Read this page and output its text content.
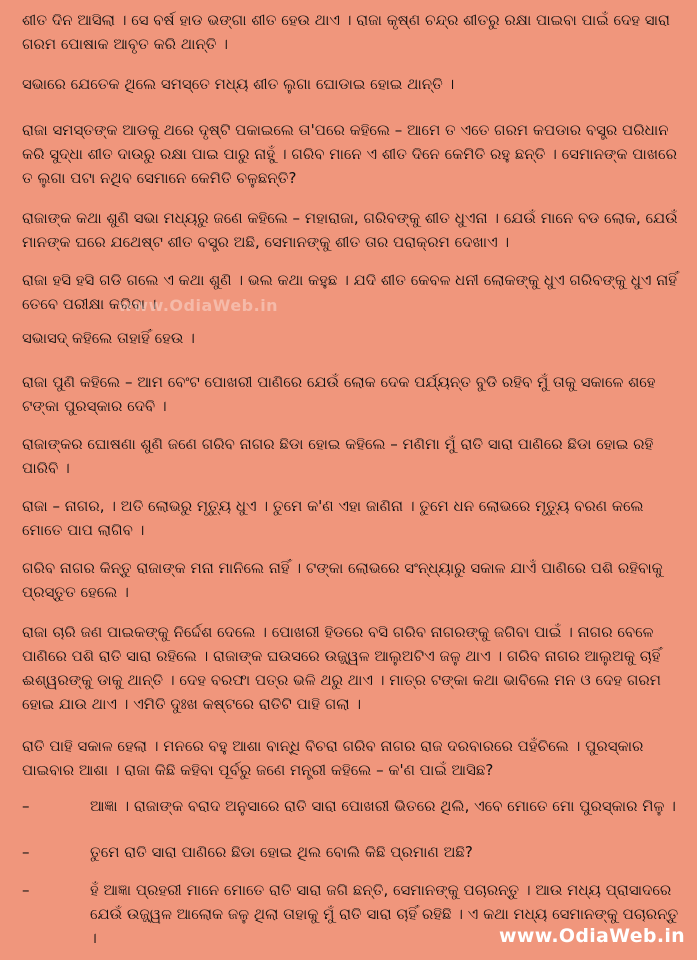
ଶୀତ ଦିନ ଆସିଲା । ସେ ବର୍ଷ ହାଡ ଭଙ୍ଗା ଶୀତ ହେଉ ଥାଏ । ରାଜା କୃଷ୍ଣ ଚନ୍ଦ୍ର ଶୀତରୁ ରକ୍ଷା ପାଇବା ପାଇଁ ଦେହ ସାରା ଗରମ ପୋଷାକ ଆବୃତ କରି ଥାନ୍ତି ।

ସଭାରେ ଯେତେକ ଥିଲେ ସମସ୍ତେ ମଧ୍ୟ ଶୀତ ଲୁଗା ଘୋଡାଇ ହୋଇ ଥାନ୍ତି ।

ରାଜା ସମସ୍ତଙ୍କ ଆଡକୁ ଥରେ ଦୃଷ୍ଟି ପକାଇଲେ ତା'ପରେ କହିଲେ – ଆମେ ତ ଏତେ ଗରମ କପଡାର ବସ୍ତ୍ର ପରିଧାନ କରି ସୁଦ୍ଧା ଶୀତ ଦାଉରୁ ରକ୍ଷା ପାଇ ପାରୁ ନାହୁଁ । ଗରିବ ମାନେ ଏ ଶୀତ ଦିନେ କେମିତି ରହୁ ଛନ୍ତି । ସେମାନଙ୍କ ପାଖରେ ତ ଲୁଗା ପଟା ନଥିବ ସେମାନେ କେମିତି ଚଳୁଛନ୍ତି?

ରାଜାଙ୍କ କଥା ଶୁଣି ସଭା ମଧ୍ୟରୁ ଜଣେ କହିଲେ – ମହାରାଜା, ଗରିବଙ୍କୁ ଶୀତ ଧୁଏନା । ଯେଉଁ ମାନେ ବଡ ଲୋକ, ଯେଉଁ ମାନଙ୍କ ଘରେ ଯଥେଷ୍ଟ ଶୀତ ବସ୍ତ୍ର ଅଛି, ସେମାନଙ୍କୁ ଶୀତ ତାର ପରାକ୍ରମ ଦେଖାଏ ।

ରାଜା ହସି ହସି ଗଡି ଗଲେ ଏ କଥା ଶୁଣି । ଭଲ କଥା କହୁଛ । ଯଦି ଶୀତ କେବଳ ଧନୀ ଲୋକଙ୍କୁ ଧୁଏ ଗରିବଙ୍କୁ ଧୁଏ ନାହିଁ ତେବେ ପରୀକ୍ଷା କରିବା ।

ସଭାସଦ୍ କହିଲେ ତାହାହିଁ ହେଉ ।

ରାଜା ପୁଣି କହିଲେ – ଆମ ବେଂଟ ପୋଖରୀ ପାଣିରେ ଯେଉଁ ଲୋକ ଦେକ ପର୍ଯ୍ୟନ୍ତ ବୁଡି ରହିବ ମୁଁ ତାକୁ ସକାଳେ ଶହେ ଟଙ୍କା ପୁରସ୍କାର ଦେବି ।

ରାଜାଙ୍କର ଘୋଷଣା ଶୁଣି ଜଣେ ଗରିବ ନାଗର ଛିଡା ହୋଇ କହିଲେ – ମଣିମା ମୁଁ ରାତି ସାରା ପାଣିରେ ଛିଡା ହୋଇ ରହି ପାରିବି ।

ରାଜା – ନାଗର, । ଅତି ଲୋଭରୁ ମୃତ୍ୟୁ ଧୁଏ । ତୁମେ କ'ଣ ଏହା ଜାଣିନା । ତୁମେ ଧନ ଲୋଭରେ ମୃତ୍ୟୁ ବରଣ କଲେ ମୋତେ ପାପ ଲାଗିବ ।

ଗରିବ ନାଗର କିନ୍ତୁ ରାଜାଙ୍କ ମନା ମାନିଲେ ନାହିଁ । ଟଙ୍କା ଲୋଭରେ ସଂନ୍ଧ୍ୟାରୁ ସକାଳ ଯାଏଁ ପାଣିରେ ପଶି ରହିବାକୁ ପ୍ରସ୍ତୁତ ହେଲେ ।

ରାଜା ଚାରି ଜଣ ପାଇକଙ୍କୁ ନିର୍ଦ୍ଦେଶ ଦେଲେ । ପୋଖରୀ ହିଡରେ ବସି ଗରିବ ନାଗରଙ୍କୁ ଜଗିବା ପାଇଁ । ନାଗର ବେଳେ ପାଣିରେ ପଶି ରାତି ସାରା ରହିଲେ । ରାଜାଙ୍କ ଘଉସରେ ଉଜ୍ଜ୍ୱଳ ଆଲୁଅଟିଏ ଜଳୁ ଥାଏ । ଗରିବ ନାଗର ଆଲୁଅକୁ ଚାହିଁ ଈଶ୍ୱରଙ୍କୁ ଡାକୁ ଥାନ୍ତି । ଦେହ ବରଫା ପତ୍ର ଭଳି ଥରୁ ଥାଏ । ମାତ୍ର ଟଙ୍କା କଥା ଭାବିଲେ ମନ ଓ ଦେହ ଗରମ ହୋଇ ଯାଉ ଥାଏ । ଏମିତି ଦୁଃଖ କଷ୍ଟରେ ରାତିଟି ପାହି ଗଲା ।

ରାତି ପାହି ସକାଳ ହେଲା । ମନରେ ବହୁ ଆଶା ବାନ୍ଧି ବିଚରା ଗରିବ ନାଗର ରାଜ ଦରବାରରେ ପହଁଚିଲେ । ପୁରସ୍କାର ପାଇବାର ଆଶା । ରାଜା କିଛି କହିବା ପୂର୍ବରୁ ଜଣେ ମନ୍ତ୍ରୀ କହିଲେ – କ'ଣ ପାଇଁ ଆସିଛ?

–	ଆଜ୍ଞା । ରାଜାଙ୍କ ବରାଦ ଅନୁସାରେ ରାତି ସାରା ପୋଖରୀ ଭିତରେ ଥିଲି, ଏବେ ମୋତେ ମୋ ପୁରସ୍କାର ମିଳୁ ।
–	ତୁମେ ରାତି ସାରା ପାଣିରେ ଛିଡା ହୋଇ ଥିଲ ବୋଲି କିଛି ପ୍ରମାଣ ଅଛି?
–	ହଁ ଆଜ୍ଞା ପ୍ରହରୀ ମାନେ ମୋତେ ରାତି ସାରା ଜଗି ଛନ୍ତି, ସେମାନଙ୍କୁ ପଚାରନ୍ତୁ । ଆଉ ମଧ୍ୟ ପ୍ରାସାଦରେ ଯେଉଁ ଉଜ୍ଜ୍ୱଳ ଆଲୋକ ଜଳୁ ଥିଲା ତାହାକୁ ମୁଁ ରାତି ସାରା ଚାହିଁ ରହିଛି । ଏ କଥା ମଧ୍ୟ ସେମାନଙ୍କୁ ପଚାରନ୍ତୁ ।
www.OdiaWeb.in
www.OdiaWeb.in
